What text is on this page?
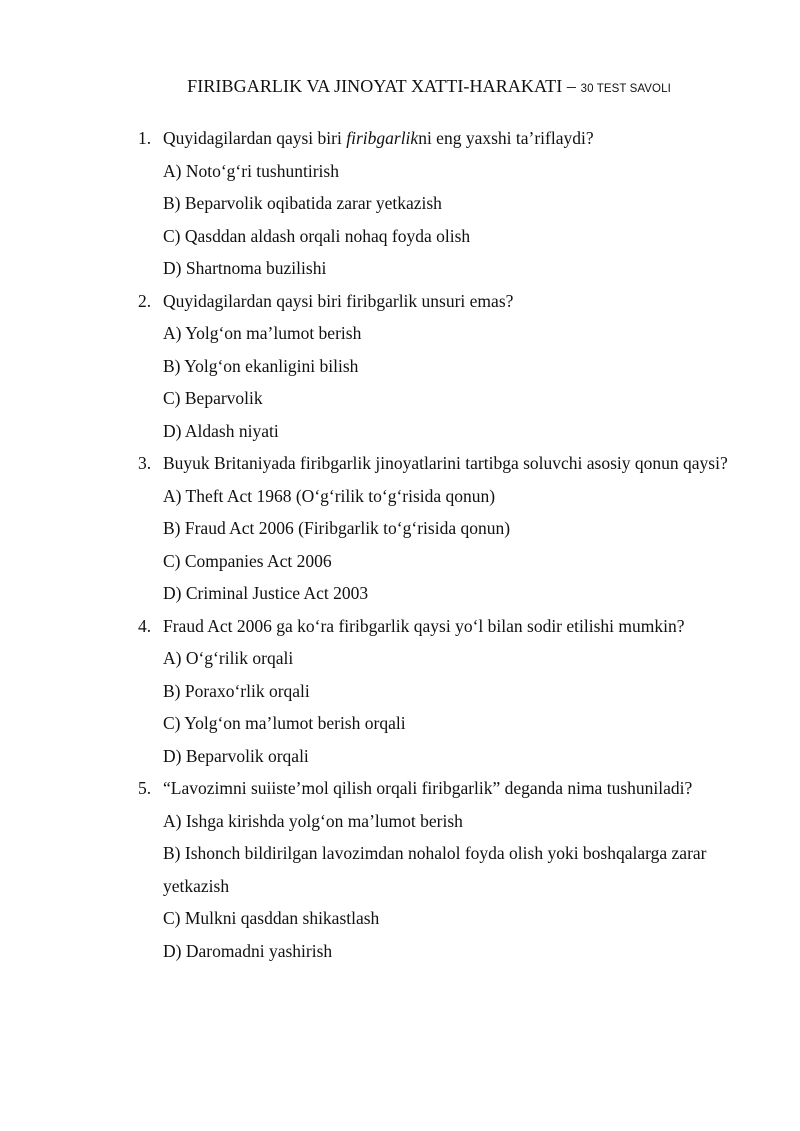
FIRIBGARLIK VA JINOYAT XATTI-HARAKATI – 30 TEST SAVOLI
1. Quyidagilardan qaysi biri firibgarlikni eng yaxshi ta’riflaydi?
A) Noto‘g‘ri tushuntirish
B) Beparvolik oqibatida zarar yetkazish
C) Qasddan aldash orqali nohaq foyda olish
D) Shartnoma buzilishi
2. Quyidagilardan qaysi biri firibgarlik unsuri emas?
A) Yolg‘on ma’lumot berish
B) Yolg‘on ekanligini bilish
C) Beparvolik
D) Aldash niyati
3. Buyuk Britaniyada firibgarlik jinoyatlarini tartibga soluvchi asosiy qonun qaysi?
A) Theft Act 1968 (O‘g‘rilik to‘g‘risida qonun)
B) Fraud Act 2006 (Firibgarlik to‘g‘risida qonun)
C) Companies Act 2006
D) Criminal Justice Act 2003
4. Fraud Act 2006 ga ko‘ra firibgarlik qaysi yo‘l bilan sodir etilishi mumkin?
A) O‘g‘rilik orqali
B) Poraxo‘rlik orqali
C) Yolg‘on ma’lumot berish orqali
D) Beparvolik orqali
5. “Lavozimni suiiste’mol qilish orqali firibgarlik” deganda nima tushuniladi?
A) Ishga kirishda yolg‘on ma’lumot berish
B) Ishonch bildirilgan lavozimdan nohalol foyda olish yoki boshqalarga zarar yetkazish
C) Mulkni qasddan shikastlash
D) Daromadni yashirish
